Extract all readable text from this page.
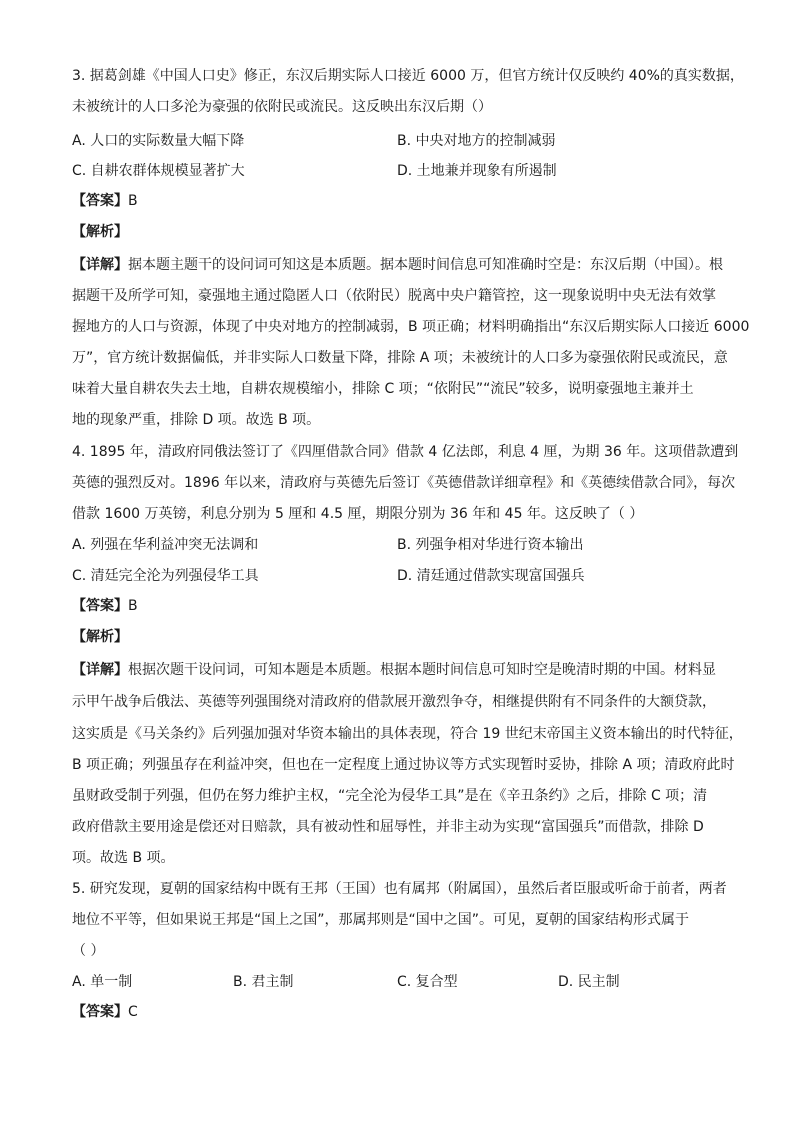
3. 据葛剑雄《中国人口史》修正，东汉后期实际人口接近 6000 万，但官方统计仅反映约 40%的真实数据，
未被统计的人口多沦为豪强的依附民或流民。这反映出东汉后期（）
A. 人口的实际数量大幅下降	B. 中央对地方的控制减弱
C. 自耕农群体规模显著扩大	D. 土地兼并现象有所遏制
【答案】B
【解析】
【详解】据本题主题干的设问词可知这是本质题。据本题时间信息可知准确时空是：东汉后期（中国）。根
据题干及所学可知，豪强地主通过隐匿人口（依附民）脱离中央户籍管控，这一现象说明中央无法有效掌
握地方的人口与资源，体现了中央对地方的控制减弱，B 项正确；材料明确指出“东汉后期实际人口接近 6000
万”，官方统计数据偏低，并非实际人口数量下降，排除 A 项；未被统计的人口多为豪强依附民或流民，意
味着大量自耕农失去土地，自耕农规模缩小，排除 C 项；“依附民”“流民”较多，说明豪强地主兼并土
地的现象严重，排除 D 项。故选 B 项。
4. 1895 年，清政府同俄法签订了《四厘借款合同》借款 4 亿法郎，利息 4 厘，为期 36 年。这项借款遭到
英德的强烈反对。1896 年以来，清政府与英德先后签订《英德借款详细章程》和《英德续借款合同》，每次
借款 1600 万英镑，利息分别为 5 厘和 4.5 厘，期限分别为 36 年和 45 年。这反映了（ ）
A. 列强在华利益冲突无法调和	B. 列强争相对华进行资本输出
C. 清廷完全沦为列强侵华工具	D. 清廷通过借款实现富国强兵
【答案】B
【解析】
【详解】根据次题干设问词，可知本题是本质题。根据本题时间信息可知时空是晚清时期的中国。材料显
示甲午战争后俄法、英德等列强围绕对清政府的借款展开激烈争夺，相继提供附有不同条件的大额贷款，
这实质是《马关条约》后列强加强对华资本输出的具体表现，符合 19 世纪末帝国主义资本输出的时代特征，
B 项正确；列强虽存在利益冲突，但也在一定程度上通过协议等方式实现暂时妥协，排除 A 项；清政府此时
虽财政受制于列强，但仍在努力维护主权，“完全沦为侵华工具”是在《辛丑条约》之后，排除 C 项；清
政府借款主要用途是偿还对日赔款，具有被动性和屈辱性，并非主动为实现“富国强兵”而借款，排除 D
项。故选 B 项。
5. 研究发现，夏朝的国家结构中既有王邦（王国）也有属邦（附属国），虽然后者臣服或听命于前者，两者
地位不平等，但如果说王邦是“国上之国”，那属邦则是“国中之国”。可见，夏朝的国家结构形式属于
（ ）
A. 单一制	B. 君主制	C. 复合型	D. 民主制
【答案】C
